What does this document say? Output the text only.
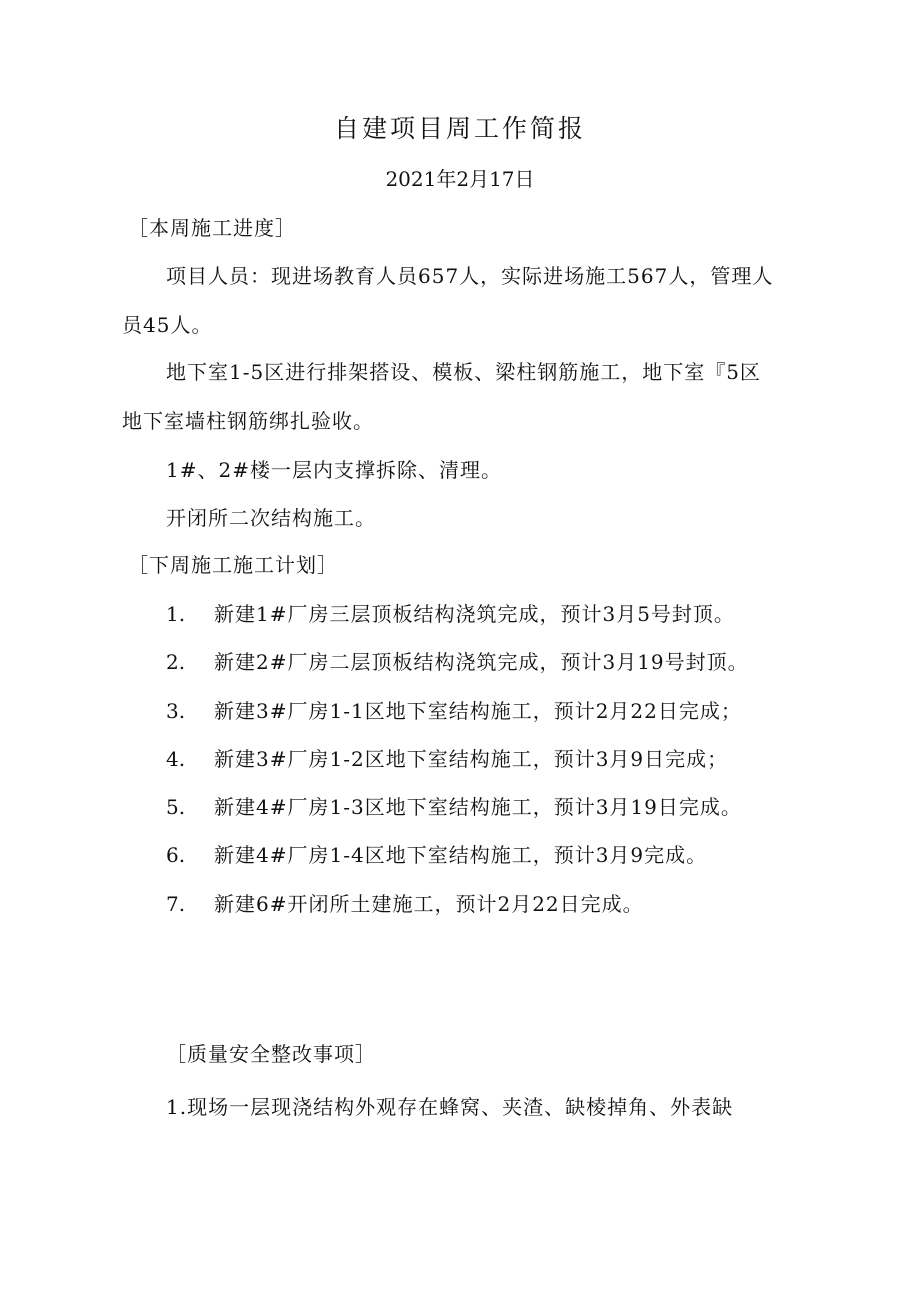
自建项目周工作简报
2021年2月17日
［本周施工进度］
项目人员：现进场教育人员657人，实际进场施工567人，管理人
员45人。
地下室1-5区进行排架搭设、模板、梁柱钢筋施工，地下室『5区
地下室墙柱钢筋绑扎验收。
1#、2#楼一层内支撑拆除、清理。
开闭所二次结构施工。
［下周施工施工计划］
1. 新建1#厂房三层顶板结构浇筑完成，预计3月5号封顶。
2. 新建2#厂房二层顶板结构浇筑完成，预计3月19号封顶。
3. 新建3#厂房1-1区地下室结构施工，预计2月22日完成；
4. 新建3#厂房1-2区地下室结构施工，预计3月9日完成；
5. 新建4#厂房1-3区地下室结构施工，预计3月19日完成。
6. 新建4#厂房1-4区地下室结构施工，预计3月9完成。
7. 新建6#开闭所土建施工，预计2月22日完成。
［质量安全整改事项］
1.现场一层现浇结构外观存在蜂窝、夹渣、缺棱掉角、外表缺
